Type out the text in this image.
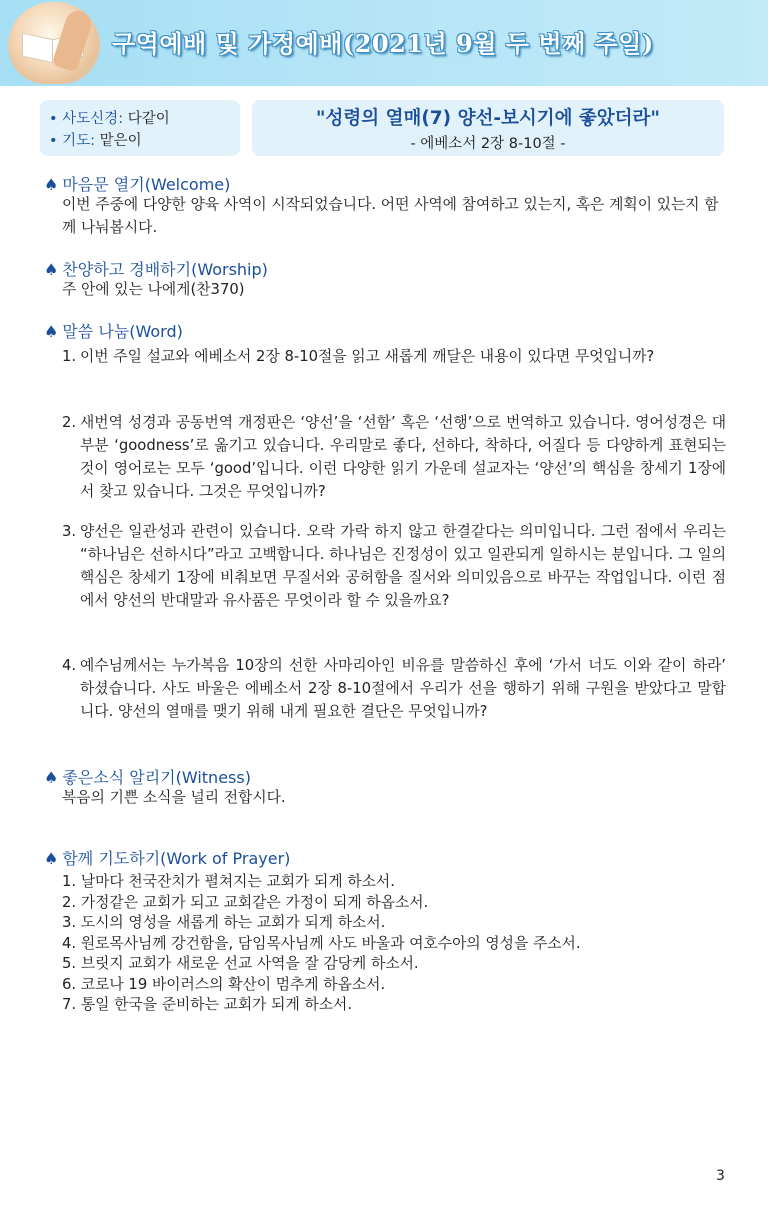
구역예배 및 가정예배(2021년 9월 두 번째 주일)
• 사도신경: 다같이
• 기도: 맡은이
"성령의 열매(7) 양선-보시기에 좋았더라"
- 에베소서 2장 8-10절 -
♠ 마음문 열기(Welcome)
이번 주중에 다양한 양육 사역이 시작되었습니다. 어떤 사역에 참여하고 있는지, 혹은 계획이 있는지 함께 나눠봅시다.
♠ 찬양하고 경배하기(Worship)
주 안에 있는 나에게(찬370)
♠ 말씀 나눔(Word)
1. 이번 주일 설교와 에베소서 2장 8-10절을 읽고 새롭게 깨달은 내용이 있다면 무엇입니까?
2. 새번역 성경과 공동번역 개정판은 ‘양선’을 ‘선함’ 혹은 ‘선행’으로 번역하고 있습니다. 영어성경은 대부분 ‘goodness’로 옮기고 있습니다. 우리말로 좋다, 선하다, 착하다, 어질다 등 다양하게 표현되는 것이 영어로는 모두 ‘good’입니다. 이런 다양한 읽기 가운데 설교자는 ‘양선’의 핵심을 창세기 1장에서 찾고 있습니다. 그것은 무엇입니까?
3. 양선은 일관성과 관련이 있습니다. 오락 가락 하지 않고 한결같다는 의미입니다. 그런 점에서 우리는 “하나님은 선하시다”라고 고백합니다. 하나님은 진정성이 있고 일관되게 일하시는 분입니다. 그 일의 핵심은 창세기 1장에 비춰보면 무질서와 공허함을 질서와 의미있음으로 바꾸는 작업입니다. 이런 점에서 양선의 반대말과 유사품은 무엇이라 할 수 있을까요?
4. 예수님께서는 누가복음 10장의 선한 사마리아인 비유를 말씀하신 후에 ‘가서 너도 이와 같이 하라’ 하셨습니다. 사도 바울은 에베소서 2장 8-10절에서 우리가 선을 행하기 위해 구원을 받았다고 말합니다. 양선의 열매를 맺기 위해 내게 필요한 결단은 무엇입니까?
♠ 좋은소식 알리기(Witness)
복음의 기쁜 소식을 널리 전합시다.
♠ 함께 기도하기(Work of Prayer)
1. 날마다 천국잔치가 펼쳐지는 교회가 되게 하소서.
2. 가정같은 교회가 되고 교회같은 가정이 되게 하옵소서.
3. 도시의 영성을 새롭게 하는 교회가 되게 하소서.
4. 원로목사님께 강건함을, 담임목사님께 사도 바울과 여호수아의 영성을 주소서.
5. 브릿지 교회가 새로운 선교 사역을 잘 감당케 하소서.
6. 코로나 19 바이러스의 확산이 멈추게 하옵소서.
7. 통일 한국을 준비하는 교회가 되게 하소서.
3
